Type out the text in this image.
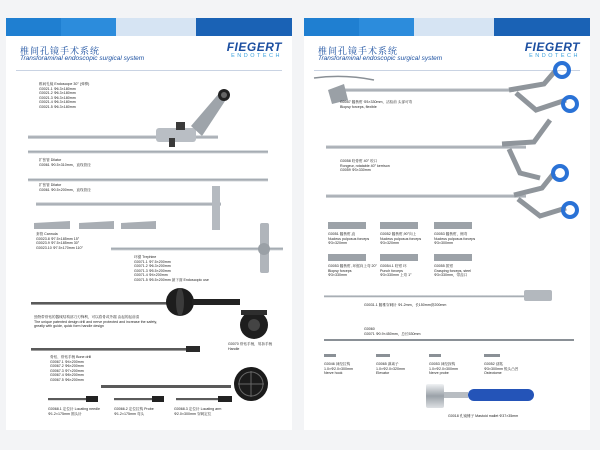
椎间孔镜手术系统
Transforaminal endoscopic surgical system
FIEGERT
ENDOTECH
椎间孔镜 Endoscope 30° (弹棒)
G0021.1 Φ6.3×180mm
G0021.2 Φ6.3×180mm
G0021.3 Φ6.3×180mm
G0021.4 Φ6.3×180mm
G0021.5 Φ6.3×180mm
扩张管 Dilator
G0061 Φ0.5×310mm，直线管径
扩张管 Dilator
G0061 Φ0.5×200mm，直线管径
套管 Cannula
G0023.8 Φ7.5×185mm 15°
G0023.9 Φ7.5×185mm 30°
G0023.10 Φ7.5×170mm 110°
环锯 Trephine
G0071.1 Φ7.5×200mm
G0071.2 Φ6.3×200mm
G0071.3 Φ5.5×200mm
G0071.4 Φ4×200mm
G0071.5 Φ5.5×200mm 最下面 Endoscopic use
独特带骨钻的器械结构部刀刃锋利，可以将骨或外端 由起的起前清
The unique patented design drill and nerve protected and increase the safety,
greatly with guide, quick form handle design
G0070 骨钻手柄，易拆手柄
Handle
骨钻、骨钻手柄 Bone drill
G0067.1 Φ4×200mm
G0067.2 Φ6×200mm
G0067.3 Φ7×200mm
G0067.4 Φ8×200mm
G0067.5 Φ6×200mm
G0068.1 定位针 Locating needle
Φ1.2×175mm 圆头针
G0066.2 定位拉钩 Probe
Φ1.2×175mm 弯头
G0068.3 定位针 Locating arm
Φ2.0×300mm 穿刺定位
椎间孔镜手术系统
Transforaminal endoscopic surgical system
FIEGERT
ENDOTECH
G0057 髓核钳 Φ3×330mm，活检前 头部可弯
Biopsy forceps, flexible
G0058 咬骨钳 40° 咬口
Rongeur, rotatable 40° kerrison
G0059 Φ3×330mm
G0051 髓核钳,直
Nucleus pulposus forceps
Φ3×320mm
G0052 髓核钳,90°向上
Nucleus pulposus forceps
Φ3×320mm
G0053 髓核钳，侧弯
Nucleus pulposus forceps
Φ3×300mm
G0053 髓核钳, 环锯向上弯 20°
Biopsy forceps
Φ3×330mm
G0054.1 咬钳 环
Punch forceps
Φ3×330mm 上弯 1°
G0055 抓钳
Grasping forceps, steel
Φ3×330mm，带齿口
G0031.1 腰椎穿刺针 Φ1.2mm，长150mm套200mm
G0060
G0071 Φ0.9×450mm，总长530mm
G0046 神经拉钩
1.0×Φ2.0×300mm
Nerve hook
G0065 剥离子
1.0×Φ2.0×320mm
Elevator
G0053 神经探钩
1.0×Φ2.0×300mm
Nerve probe
G0052 刮匙
Φ3×300mm 锐头凸凹
Osteotome
G0018 孔镜锤子 Mastoid mallet Φ37×35mm
